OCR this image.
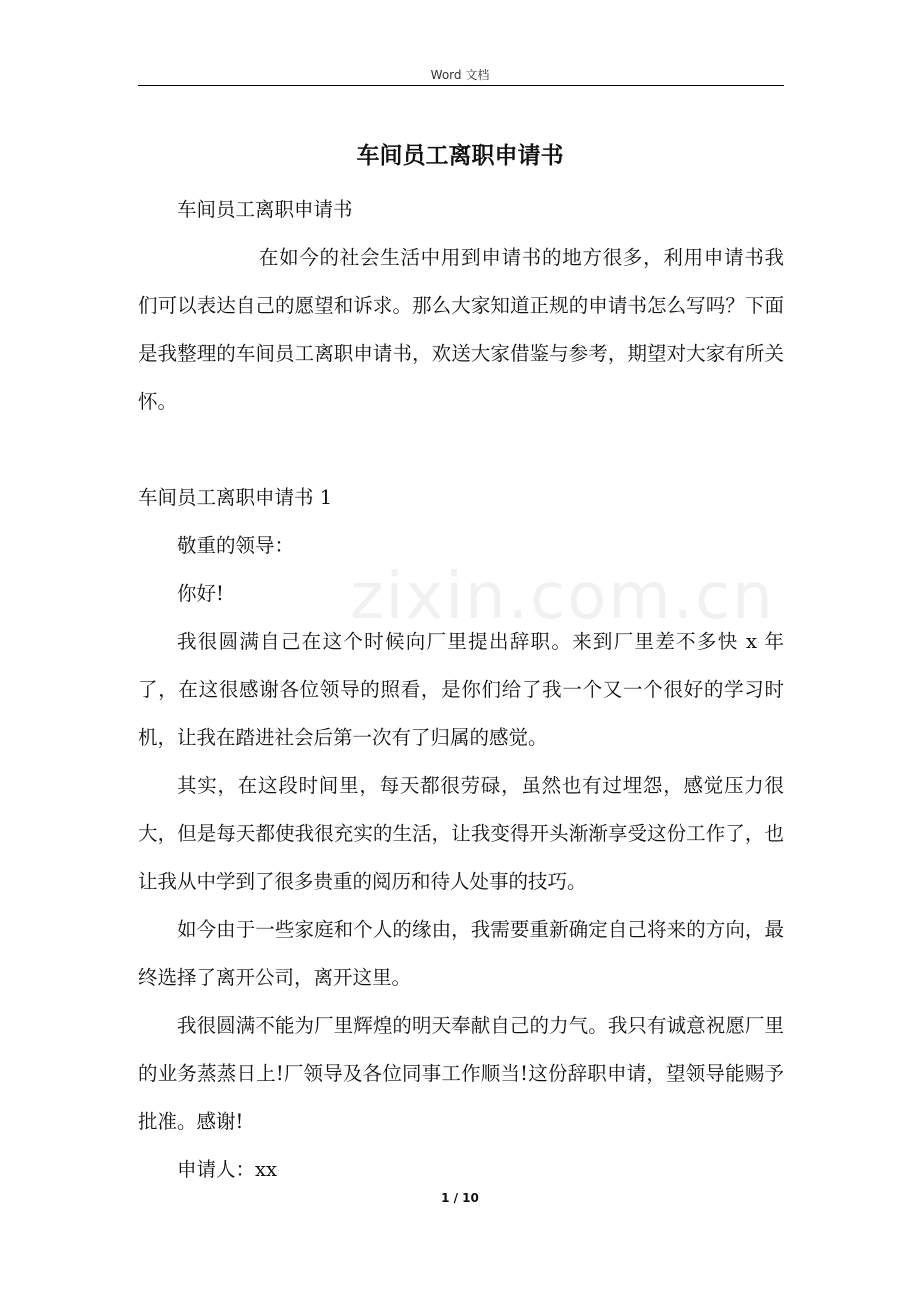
Word 文档
车间员工离职申请书
zixin.com.cn

车间员工离职申请书

在如今的社会生活中用到申请书的地方很多，利用申请书我们可以表达自己的愿望和诉求。那么大家知道正规的申请书怎么写吗？下面是我整理的车间员工离职申请书，欢送大家借鉴与参考，期望对大家有所关怀。

车间员工离职申请书 1

敬重的领导：

你好!

我很圆满自己在这个时候向厂里提出辞职。来到厂里差不多快 x 年了，在这很感谢各位领导的照看，是你们给了我一个又一个很好的学习时机，让我在踏进社会后第一次有了归属的感觉。

其实，在这段时间里，每天都很劳碌，虽然也有过埋怨，感觉压力很大，但是每天都使我很充实的生活，让我变得开头渐渐享受这份工作了，也让我从中学到了很多贵重的阅历和待人处事的技巧。

如今由于一些家庭和个人的缘由，我需要重新确定自己将来的方向，最终选择了离开公司，离开这里。

我很圆满不能为厂里辉煌的明天奉献自己的力气。我只有诚意祝愿厂里的业务蒸蒸日上!厂领导及各位同事工作顺当!这份辞职申请，望领导能赐予批准。感谢!

申请人：xx

1 / 10
